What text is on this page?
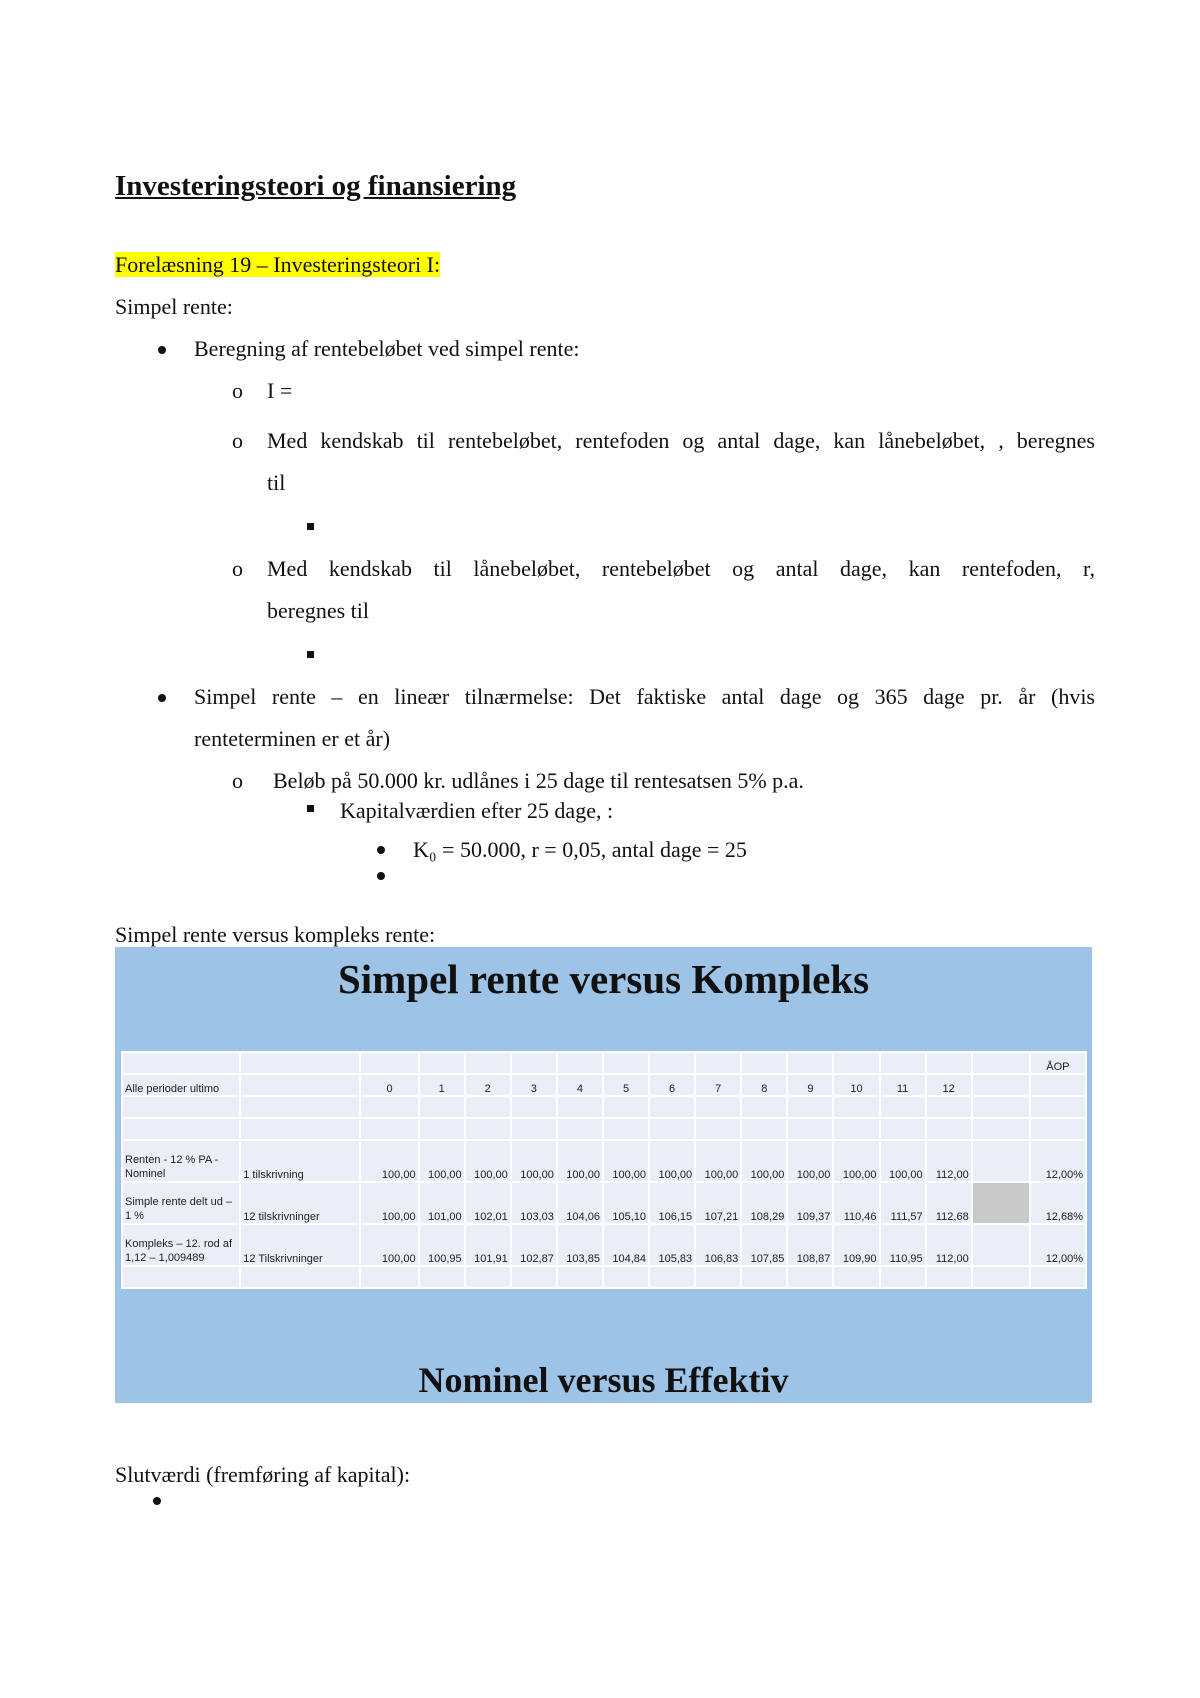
Investeringsteori og finansiering
Forelæsning 19 – Investeringsteori I:
Simpel rente:
Beregning af rentebeløbet ved simpel rente:
o I =
o Med kendskab til rentebeløbet, rentefoden og antal dage, kan lånebeløbet, , beregnes
til
o Med kendskab til lånebeløbet, rentebeløbet og antal dage, kan rentefoden, r,
beregnes til
Simpel rente – en lineær tilnærmelse: Det faktiske antal dage og 365 dage pr. år (hvis
renteterminen er et år)
o Beløb på 50.000 kr. udlånes i 25 dage til rentesatsen 5% p.a.
Kapitalværdien efter 25 dage, :
K₀ = 50.000, r = 0,05, antal dage = 25
Simpel rente versus kompleks rente:
Simpel rente versus Kompleks
																ÅOP
Alle perioder ultimo		0	1	2	3	4	5	6	7	8	9	10	11	12		

Renten - 12 % PA - Nominel	1 tilskrivning	100,00	100,00	100,00	100,00	100,00	100,00	100,00	100,00	100,00	100,00	100,00	100,00	112,00		12,00%
Simple rente delt ud – 1 %	12 tilskrivninger	100,00	101,00	102,01	103,03	104,06	105,10	106,15	107,21	108,29	109,37	110,46	111,57	112,68		12,68%
Kompleks – 12. rod af 1,12 – 1,009489	12 Tilskrivninger	100,00	100,95	101,91	102,87	103,85	104,84	105,83	106,83	107,85	108,87	109,90	110,95	112,00		12,00%

Nominel versus Effektiv
Slutværdi (fremføring af kapital):
